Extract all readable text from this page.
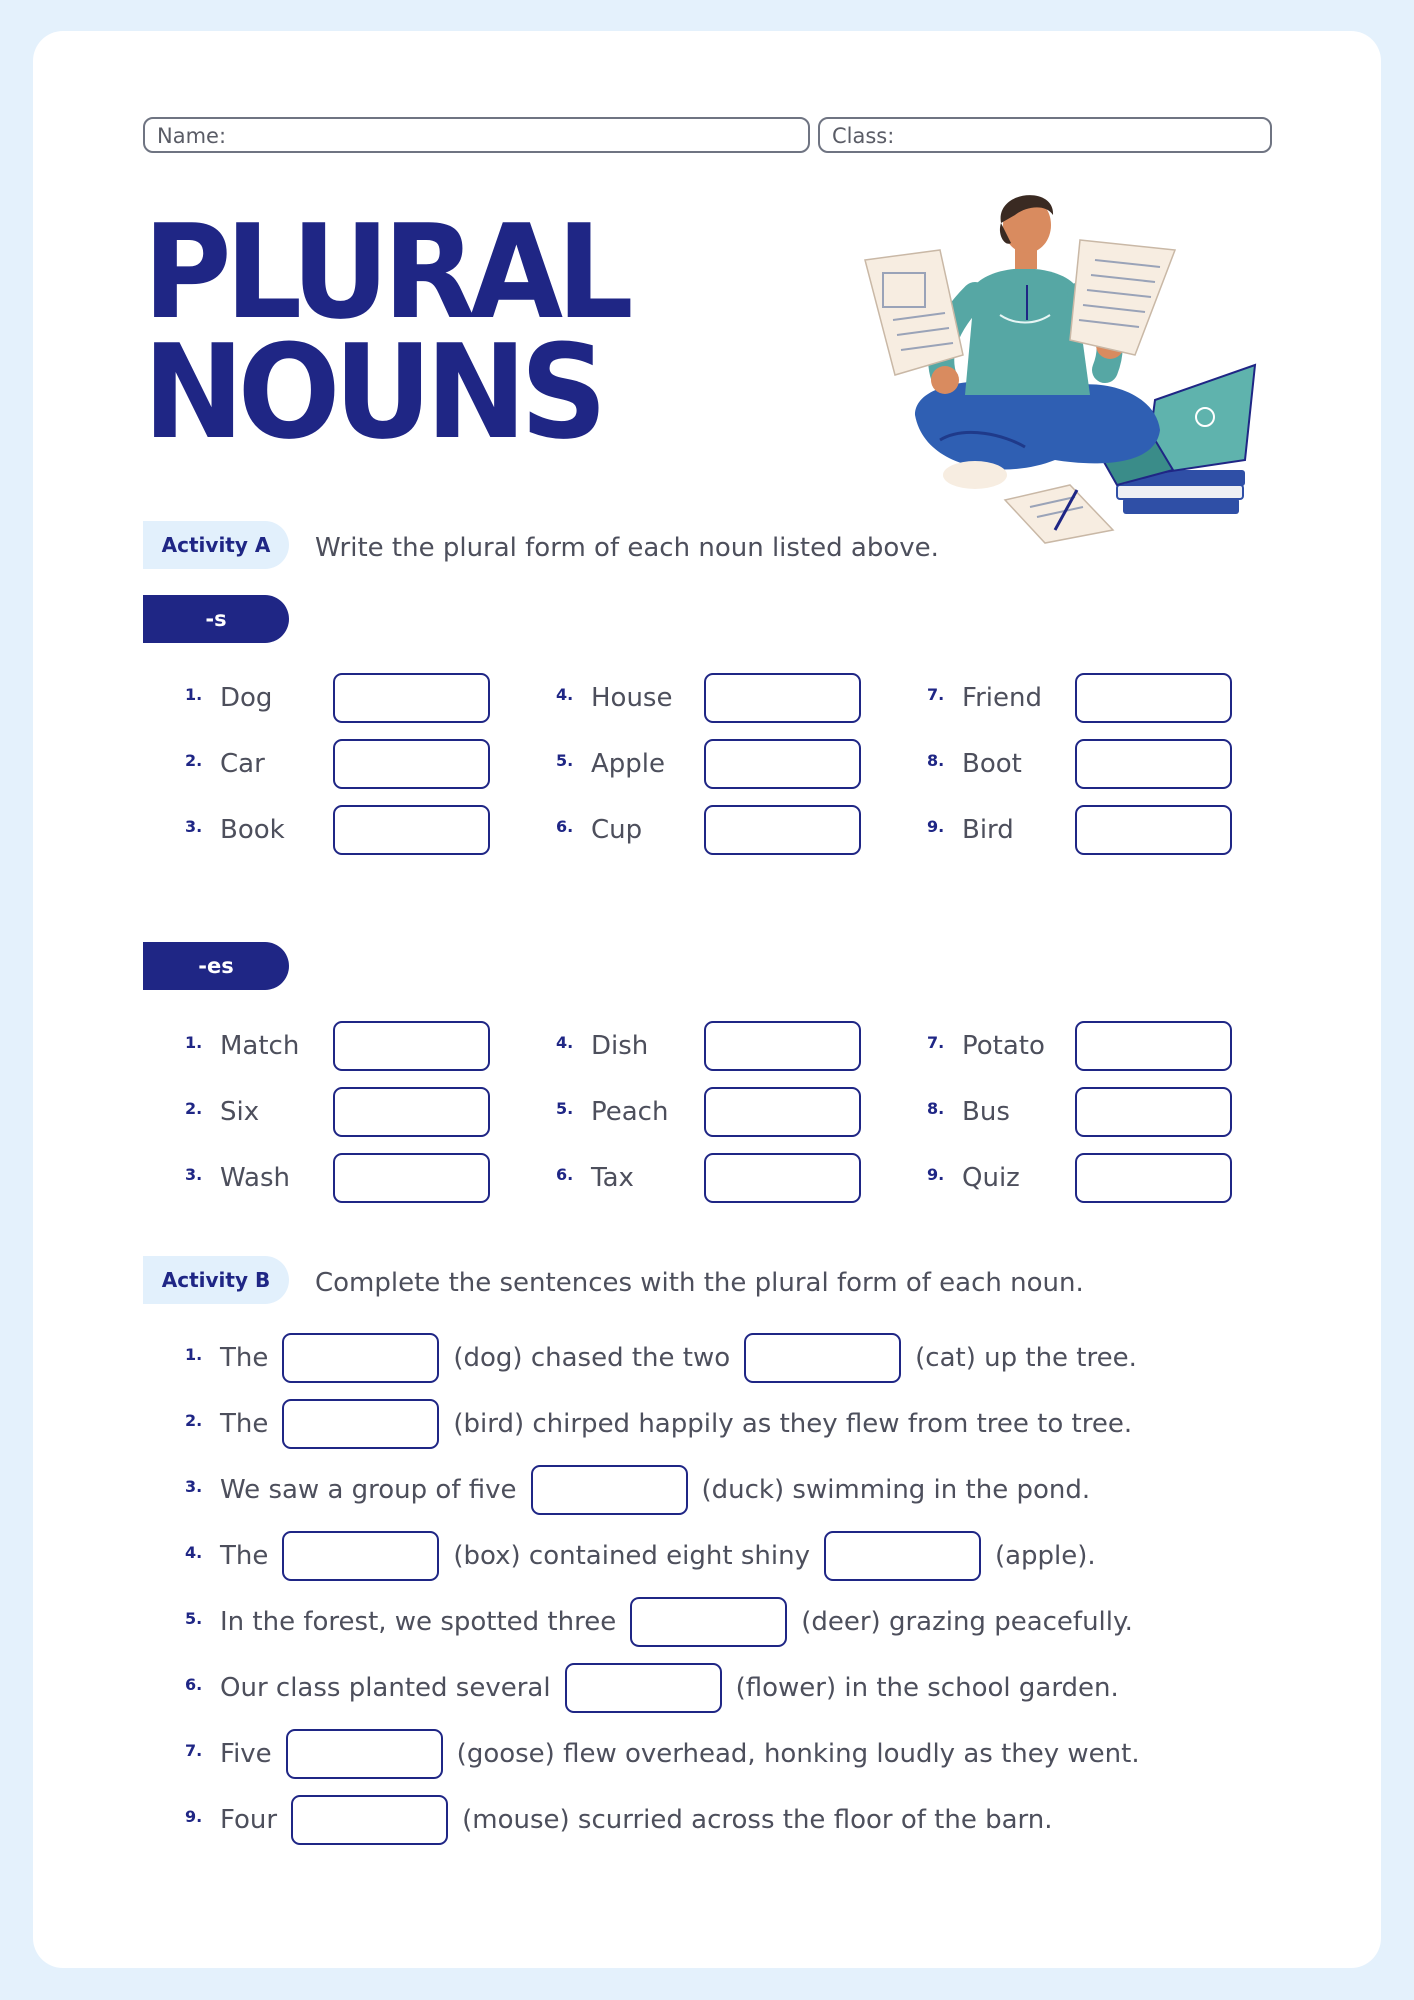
Name:	Class:
PLURAL
NOUNS
Activity A	Write the plural form of each noun listed above.
-s
1. Dog
2. Car
3. Book
4. House
5. Apple
6. Cup
7. Friend
8. Boot
9. Bird
-es
1. Match
2. Six
3. Wash
4. Dish
5. Peach
6. Tax
7. Potato
8. Bus
9. Quiz
Activity B	Complete the sentences with the plural form of each noun.
1. The	(dog) chased the two	(cat) up the tree.
2. The	(bird) chirped happily as they flew from tree to tree.
3. We saw a group of five	(duck) swimming in the pond.
4. The	(box) contained eight shiny	(apple).
5. In the forest, we spotted three	(deer) grazing peacefully.
6. Our class planted several	(flower) in the school garden.
7. Five	(goose) flew overhead, honking loudly as they went.
9. Four	(mouse) scurried across the floor of the barn.
